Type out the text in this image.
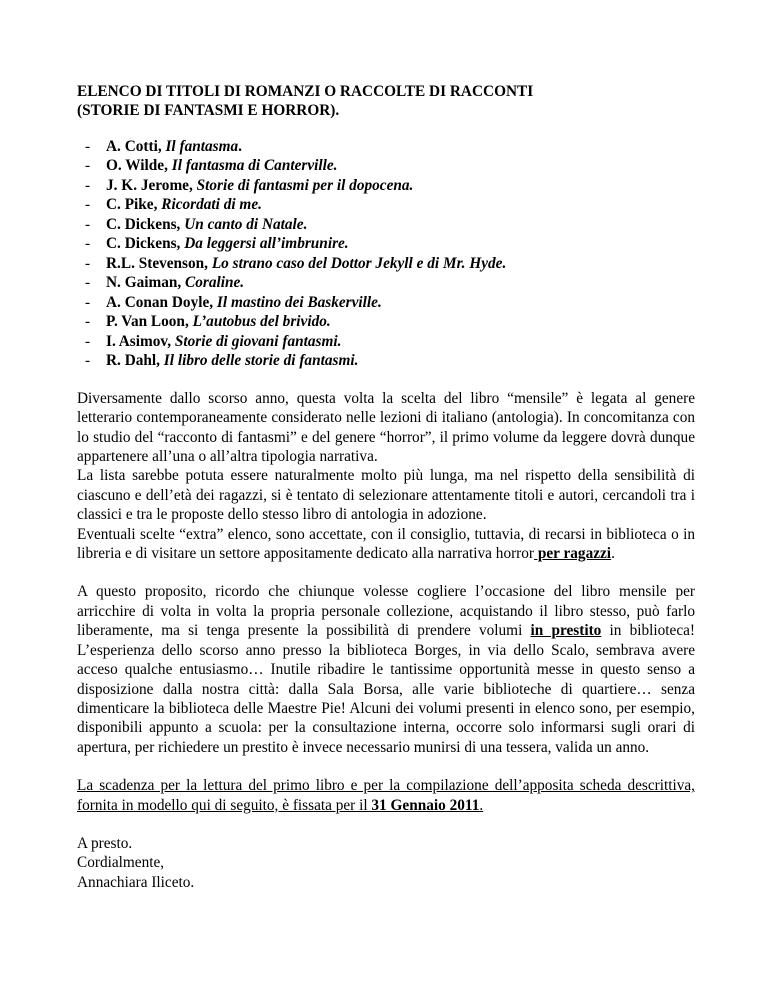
ELENCO DI TITOLI DI ROMANZI O RACCOLTE DI RACCONTI
(STORIE DI FANTASMI E HORROR).

- A. Cotti, Il fantasma.
- O. Wilde, Il fantasma di Canterville.
- J. K. Jerome, Storie di fantasmi per il dopocena.
- C. Pike, Ricordati di me.
- C. Dickens, Un canto di Natale.
- C. Dickens, Da leggersi all’imbrunire.
- R.L. Stevenson, Lo strano caso del Dottor Jekyll e di Mr. Hyde.
- N. Gaiman, Coraline.
- A. Conan Doyle, Il mastino dei Baskerville.
- P. Van Loon, L’autobus del brivido.
- I. Asimov, Storie di giovani fantasmi.
- R. Dahl, Il libro delle storie di fantasmi.

Diversamente dallo scorso anno, questa volta la scelta del libro “mensile” è legata al genere letterario contemporaneamente considerato nelle lezioni di italiano (antologia). In concomitanza con lo studio del “racconto di fantasmi” e del genere “horror”, il primo volume da leggere dovrà dunque appartenere all’una o all’altra tipologia narrativa.

La lista sarebbe potuta essere naturalmente molto più lunga, ma nel rispetto della sensibilità di ciascuno e dell’età dei ragazzi, si è tentato di selezionare attentamente titoli e autori, cercandoli tra i classici e tra le proposte dello stesso libro di antologia in adozione.

Eventuali scelte “extra” elenco, sono accettate, con il consiglio, tuttavia, di recarsi in biblioteca o in libreria e di visitare un settore appositamente dedicato alla narrativa horror per ragazzi.

A questo proposito, ricordo che chiunque volesse cogliere l’occasione del libro mensile per arricchire di volta in volta la propria personale collezione, acquistando il libro stesso, può farlo liberamente, ma si tenga presente la possibilità di prendere volumi in prestito in biblioteca! L’esperienza dello scorso anno presso la biblioteca Borges, in via dello Scalo, sembrava avere acceso qualche entusiasmo… Inutile ribadire le tantissime opportunità messe in questo senso a disposizione dalla nostra città: dalla Sala Borsa, alle varie biblioteche di quartiere… senza dimenticare la biblioteca delle Maestre Pie! Alcuni dei volumi presenti in elenco sono, per esempio, disponibili appunto a scuola: per la consultazione interna, occorre solo informarsi sugli orari di apertura, per richiedere un prestito è invece necessario munirsi di una tessera, valida un anno.

La scadenza per la lettura del primo libro e per la compilazione dell’apposita scheda descrittiva, fornita in modello qui di seguito, è fissata per il 31 Gennaio 2011.

A presto.
Cordialmente,
Annachiara Iliceto.
